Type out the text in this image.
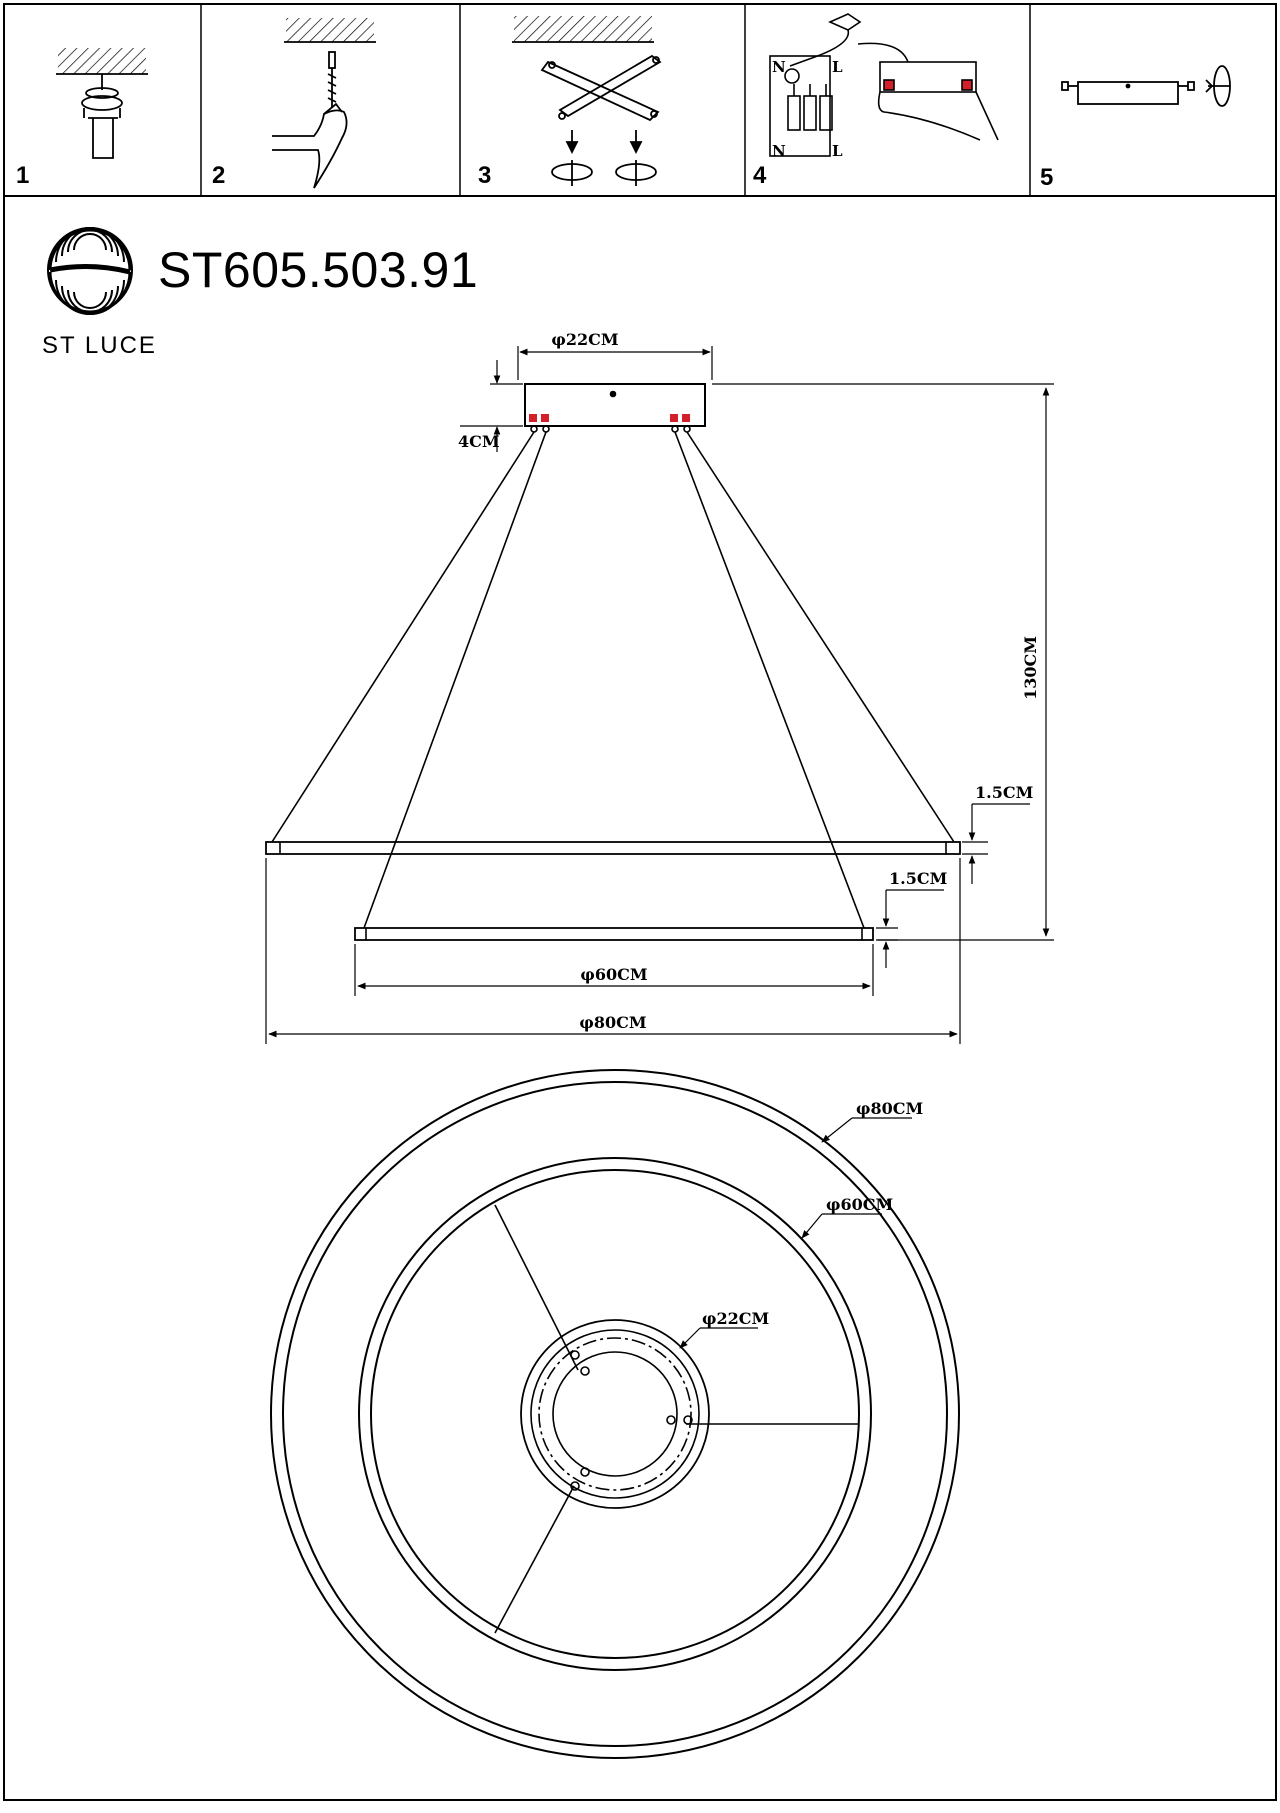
N	L
N	L
φ22CM
4CM
130CM
1.5CM
1.5CM
φ60CM
φ80CM
φ80CM
φ60CM
φ22CM
1	2	3	4	5
ST605.503.91
ST LUCE
